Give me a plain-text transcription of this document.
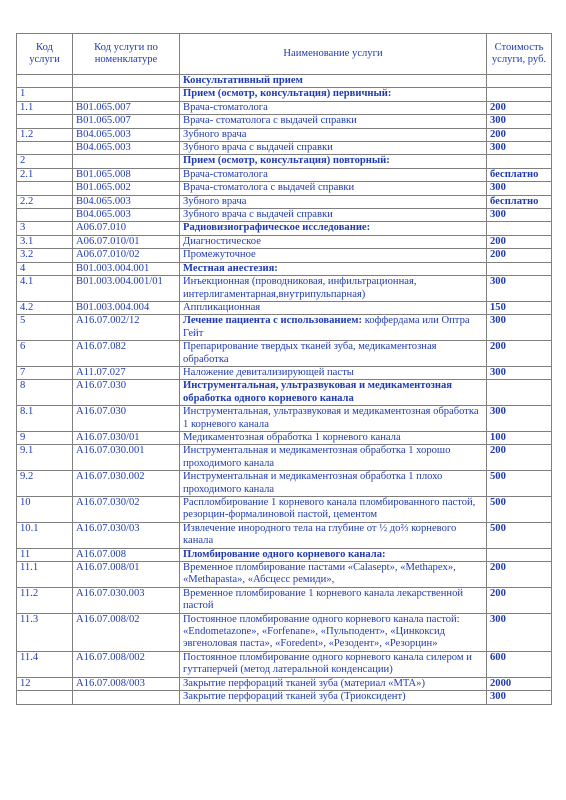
Код услуги	Код услуги по номенклатуре	Наименование услуги	Стоимость услуги, руб.
		Консультативный прием	
1		Прием (осмотр, консультация) первичный:	
1.1	B01.065.007	Врача-стоматолога	200
	B01.065.007	Врача- стоматолога с выдачей справки	300
1.2	B04.065.003	Зубного врача	200
	B04.065.003	Зубного врача с выдачей справки	300
2		Прием (осмотр, консультация) повторный:	
2.1	B01.065.008	Врача-стоматолога	бесплатно
	B01.065.002	Врача-стоматолога с выдачей справки	300
2.2	B04.065.003	Зубного врача	бесплатно
	B04.065.003	Зубного врача с выдачей справки	300
3	A06.07.010	Радиовизиографическое исследование:	
3.1	A06.07.010/01	Диагностическое	200
3.2	A06.07.010/02	Промежуточное	200
4	B01.003.004.001	Местная анестезия:	
4.1	B01.003.004.001/01	Инъекционная (проводниковая, инфильтрационная, интерлигаментарная,внутрипульпарная)	300
4.2	B01.003.004.004	Аппликационная	150
5	A16.07.002/12	Лечение пациента с использованием: коффердама или Оптра Гейт	300
6	A16.07.082	Препарирование твердых тканей зуба, медикаментозная обработка	200
7	A11.07.027	Наложение девитализирующей пасты	300
8	A16.07.030	Инструментальная, ультразвуковая и медикаментозная обработка одного корневого канала	
8.1	A16.07.030	Инструментальная, ультразвуковая и медикаментозная обработка 1 корневого канала	300
9	A16.07.030/01	Медикаментозная обработка 1 корневого канала	100
9.1	A16.07.030.001	Инструментальная и медикаментозная обработка 1 хорошо проходимого канала	200
9.2	A16.07.030.002	Инструментальная и медикаментозная обработка 1 плохо проходимого канала	500
10	A16.07.030/02	Распломбирование 1 корневого канала пломбированного пастой, резорцин-формалиновой пастой, цементом	500
10.1	A16.07.030/03	Извлечение инородного тела на глубине от ½ до⅔ корневого канала	500
11	A16.07.008	Пломбирование одного корневого канала:	
11.1	A16.07.008/01	Временное пломбирование пастами «Calasept», «Methapex», «Methapasta», «Абсцесс ремиди»,	200
11.2	A16.07.030.003	Временное пломбирование 1 корневого канала лекарственной пастой	200
11.3	A16.07.008/02	Постоянное пломбирование одного корневого канала пастой: «Endometazone», «Forfenane», «Пульподент», «Цинкоксид эвгеноловая паста», «Foredent», «Резодент», «Резорцин»	300
11.4	A16.07.008/002	Постоянное пломбирование одного корневого канала силером и гуттаперчей (метод латеральной конденсации)	600
12	A16.07.008/003	Закрытие перфораций тканей зуба (материал «MTA»)	2000
		Закрытие перфораций тканей зуба (Триоксидент)	300
